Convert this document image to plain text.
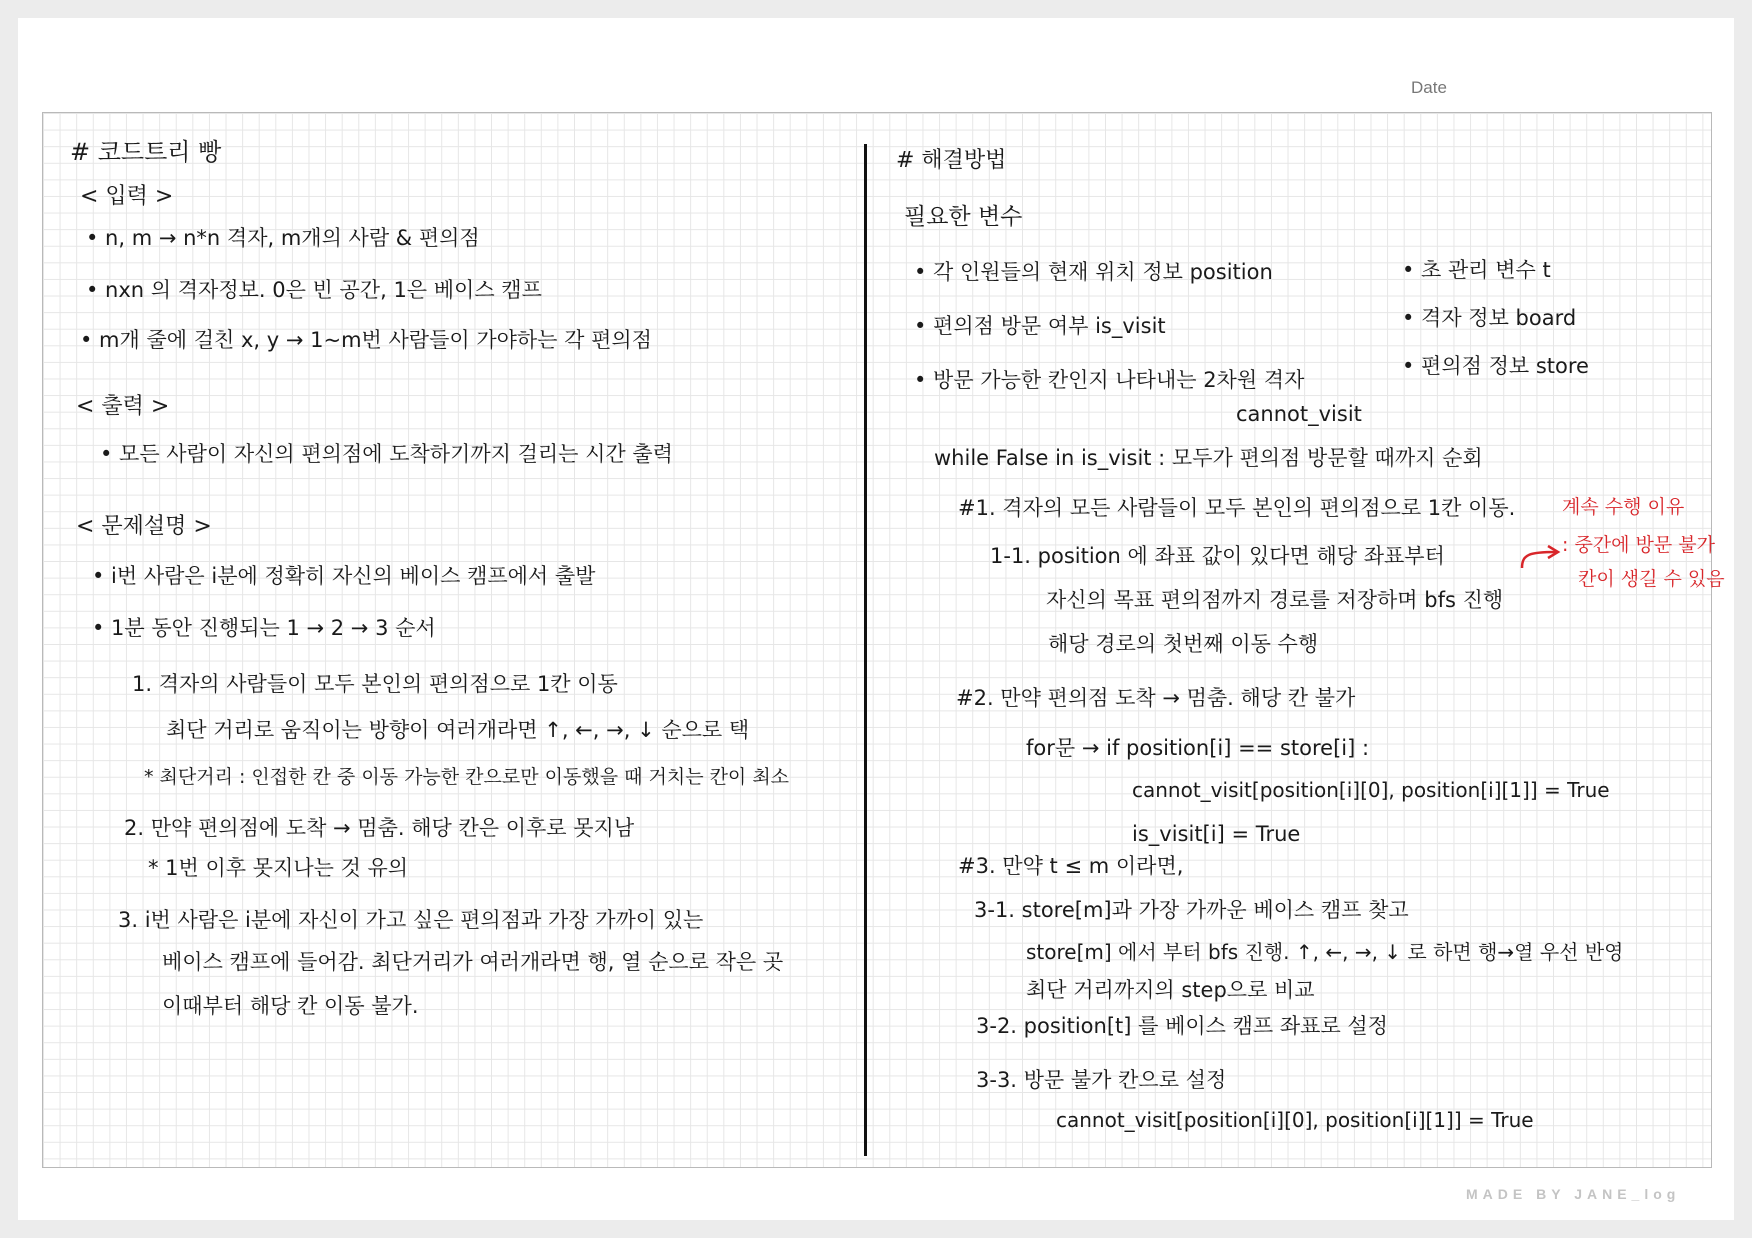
Date
# 코드트리 빵
< 입력 >
• n, m → n*n 격자, m개의 사람 & 편의점
• nxn 의 격자정보. 0은 빈 공간, 1은 베이스 캠프
• m개 줄에 걸친 x, y → 1~m번 사람들이 가야하는 각 편의점
< 출력 >
• 모든 사람이 자신의 편의점에 도착하기까지 걸리는 시간 출력
< 문제설명 >
• i번 사람은 i분에 정확히 자신의 베이스 캠프에서 출발
• 1분 동안 진행되는 1 → 2 → 3 순서
1. 격자의 사람들이 모두 본인의 편의점으로 1칸 이동
최단 거리로 움직이는 방향이 여러개라면 ↑, ←, →, ↓ 순으로 택
* 최단거리 : 인접한 칸 중 이동 가능한 칸으로만 이동했을 때 거치는 칸이 최소
2. 만약 편의점에 도착 → 멈춤. 해당 칸은 이후로 못지남
* 1번 이후 못지나는 것 유의
3. i번 사람은 i분에 자신이 가고 싶은 편의점과 가장 가까이 있는
베이스 캠프에 들어감. 최단거리가 여러개라면 행, 열 순으로 작은 곳
이때부터 해당 칸 이동 불가.
# 해결방법
필요한 변수
• 각 인원들의 현재 위치 정보 position
• 편의점 방문 여부 is_visit
• 방문 가능한 칸인지 나타내는 2차원 격자
cannot_visit
• 초 관리 변수 t
• 격자 정보 board
• 편의점 정보 store
while False in is_visit : 모두가 편의점 방문할 때까지 순회
#1. 격자의 모든 사람들이 모두 본인의 편의점으로 1칸 이동.
1-1. position 에 좌표 값이 있다면 해당 좌표부터
자신의 목표 편의점까지 경로를 저장하며 bfs 진행
해당 경로의 첫번째 이동 수행
계속 수행 이유
: 중간에 방문 불가
칸이 생길 수 있음
#2. 만약 편의점 도착 → 멈춤. 해당 칸 불가
for문 → if position[i] == store[i] :
cannot_visit[position[i][0], position[i][1]] = True
is_visit[i] = True
#3. 만약 t ≤ m 이라면,
3-1. store[m]과 가장 가까운 베이스 캠프 찾고
store[m] 에서 부터 bfs 진행. ↑, ←, →, ↓ 로 하면 행→열 우선 반영
최단 거리까지의 step으로 비교
3-2. position[t] 를 베이스 캠프 좌표로 설정
3-3. 방문 불가 칸으로 설정
cannot_visit[position[i][0], position[i][1]] = True
MADE BY JANE_log
